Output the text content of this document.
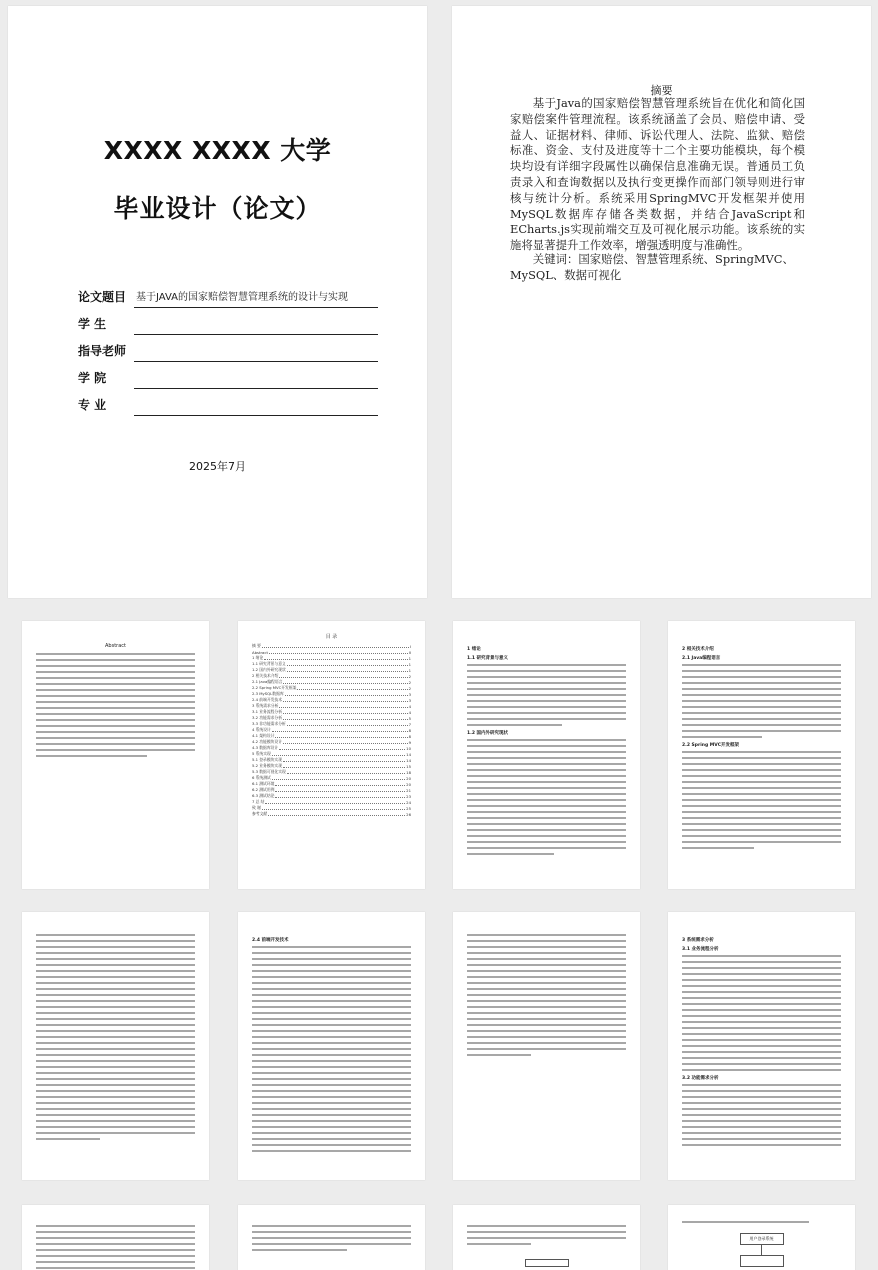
XXXX XXXX 大学
毕业设计（论文）
论文题目 基于JAVA的国家赔偿智慧管理系统的设计与实现
学 生
指导老师
学 院
专 业
2025年7月
摘要
基于Java的国家赔偿智慧管理系统旨在优化和简化国家赔偿案件管理流程。该系统涵盖了会员、赔偿申请、受益人、证据材料、律师、诉讼代理人、法院、监狱、赔偿标准、资金、支付及进度等十二个主要功能模块，每个模块均设有详细字段属性以确保信息准确无误。普通员工负责录入和查询数据以及执行变更操作而部门领导则进行审核与统计分析。系统采用SpringMVC开发框架并使用MySQL数据库存储各类数据，并结合JavaScript和ECharts.js实现前端交互及可视化展示功能。该系统的实施将显著提升工作效率，增强透明度与准确性。
关键词：国家赔偿、智慧管理系统、SpringMVC、MySQL、数据可视化
Abstract
目 录
摘 要	I
Abstract	II
1 绪论	1
1.1 研究背景与意义	1
1.2 国内外研究现状	1
2 相关技术介绍	2
2.1 Java编程语言	2
2.2 Spring MVC开发框架	2
2.3 MySQL数据库	3
2.4 前端开发技术	3
3 系统需求分析	4
3.1 业务流程分析	4
3.2 功能需求分析	5
3.3 非功能需求分析	7
4 系统设计	8
4.1 架构设计	8
4.2 功能模块设计	9
4.3 数据库设计	10
5 系统实现	14
5.1 登录模块实现	14
5.2 业务模块实现	15
5.3 数据可视化实现	18
6 系统测试	20
6.1 测试环境	20
6.2 测试用例	21
6.3 测试结论	23
7 总 结	24
致 谢	25
参考文献	26
1 绪论
1.1 研究背景与意义
1.2 国内外研究现状
2 相关技术介绍
2.1 Java编程语言
2.2 Spring MVC开发框架
2.4 前端开发技术	3 系统需求分析
3.1 业务流程分析
3.2 功能需求分析
用户登录系统
